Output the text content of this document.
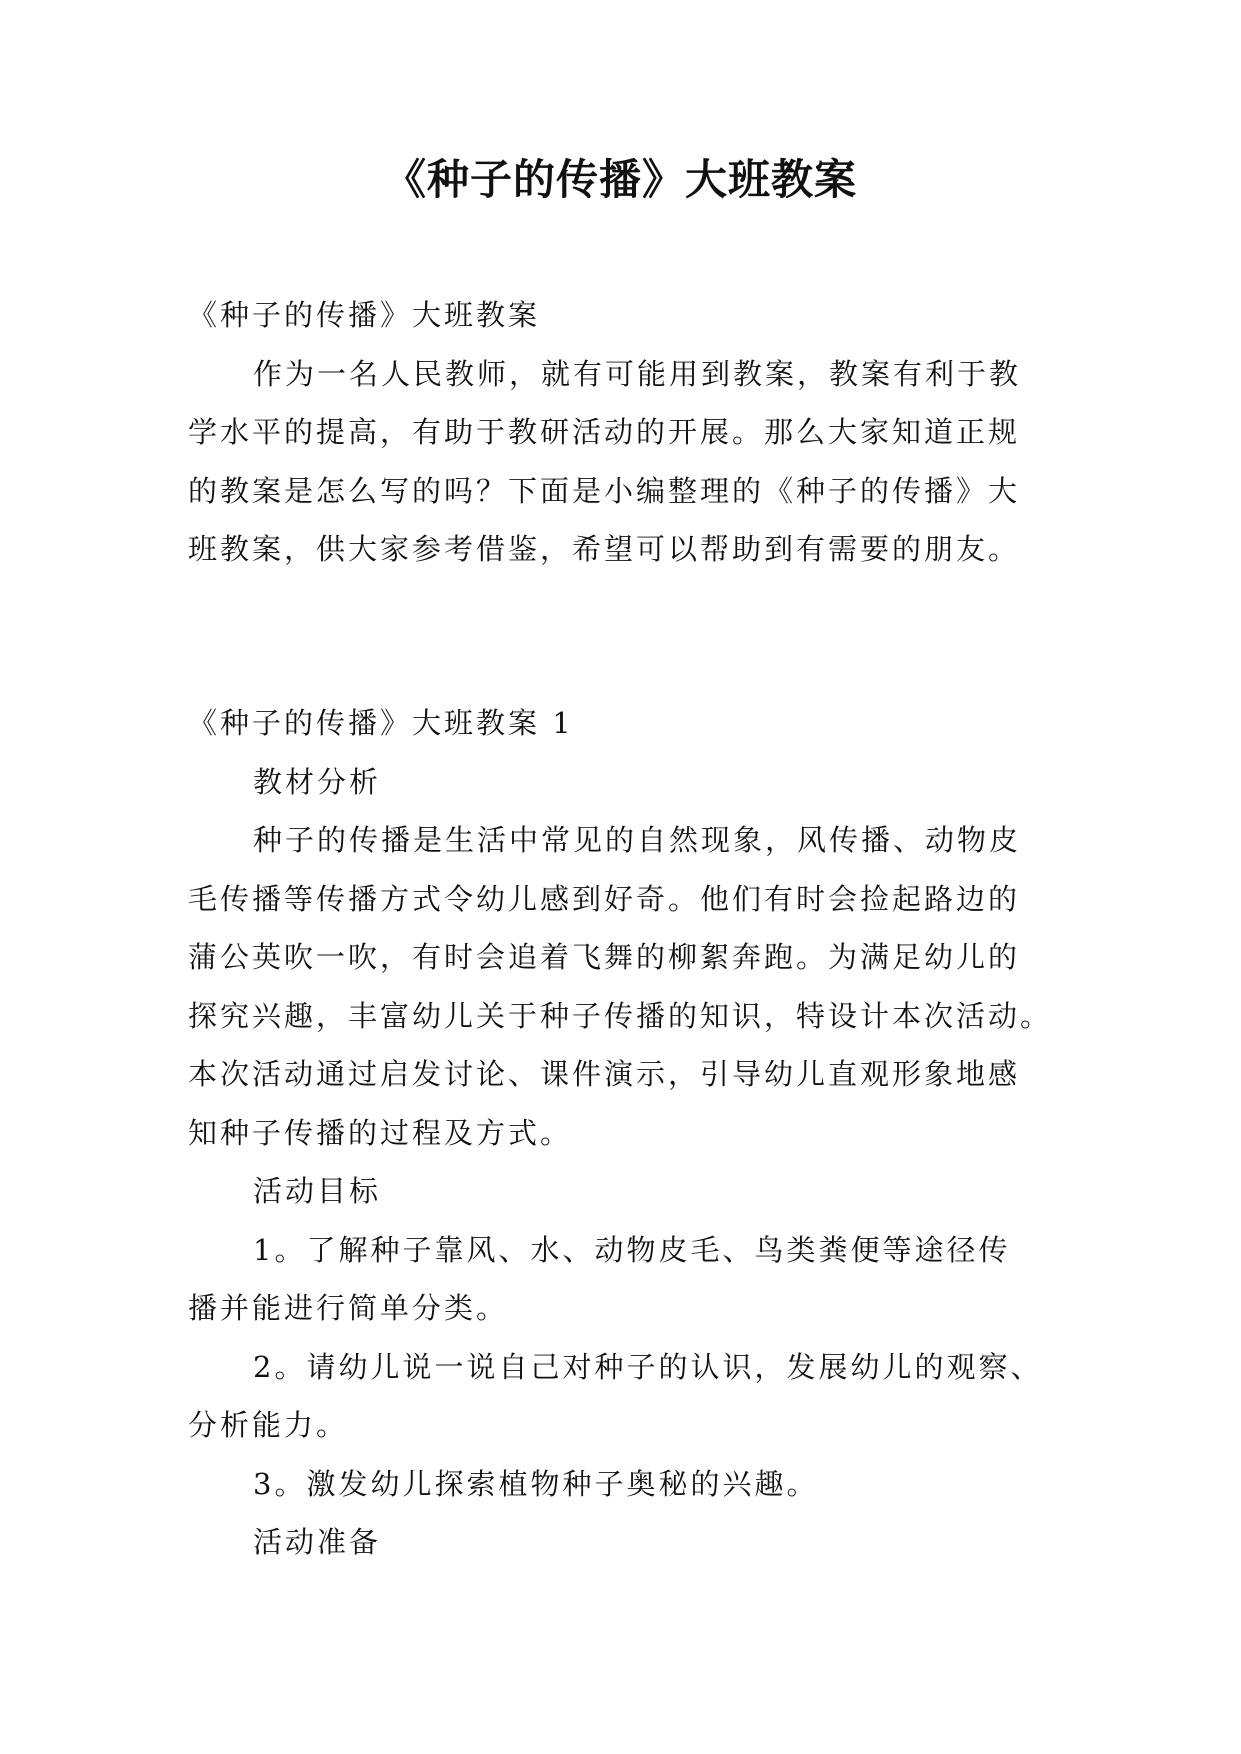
《种子的传播》大班教案
《种子的传播》大班教案
作为一名人民教师，就有可能用到教案，教案有利于教
学水平的提高，有助于教研活动的开展。那么大家知道正规
的教案是怎么写的吗？下面是小编整理的《种子的传播》大
班教案，供大家参考借鉴，希望可以帮助到有需要的朋友。
《种子的传播》大班教案 1
教材分析
种子的传播是生活中常见的自然现象，风传播、动物皮
毛传播等传播方式令幼儿感到好奇。他们有时会捡起路边的
蒲公英吹一吹，有时会追着飞舞的柳絮奔跑。为满足幼儿的
探究兴趣，丰富幼儿关于种子传播的知识，特设计本次活动。
本次活动通过启发讨论、课件演示，引导幼儿直观形象地感
知种子传播的过程及方式。
活动目标
1。了解种子靠风、水、动物皮毛、鸟类粪便等途径传
播并能进行简单分类。
2。请幼儿说一说自己对种子的认识，发展幼儿的观察、
分析能力。
3。激发幼儿探索植物种子奥秘的兴趣。
活动准备
